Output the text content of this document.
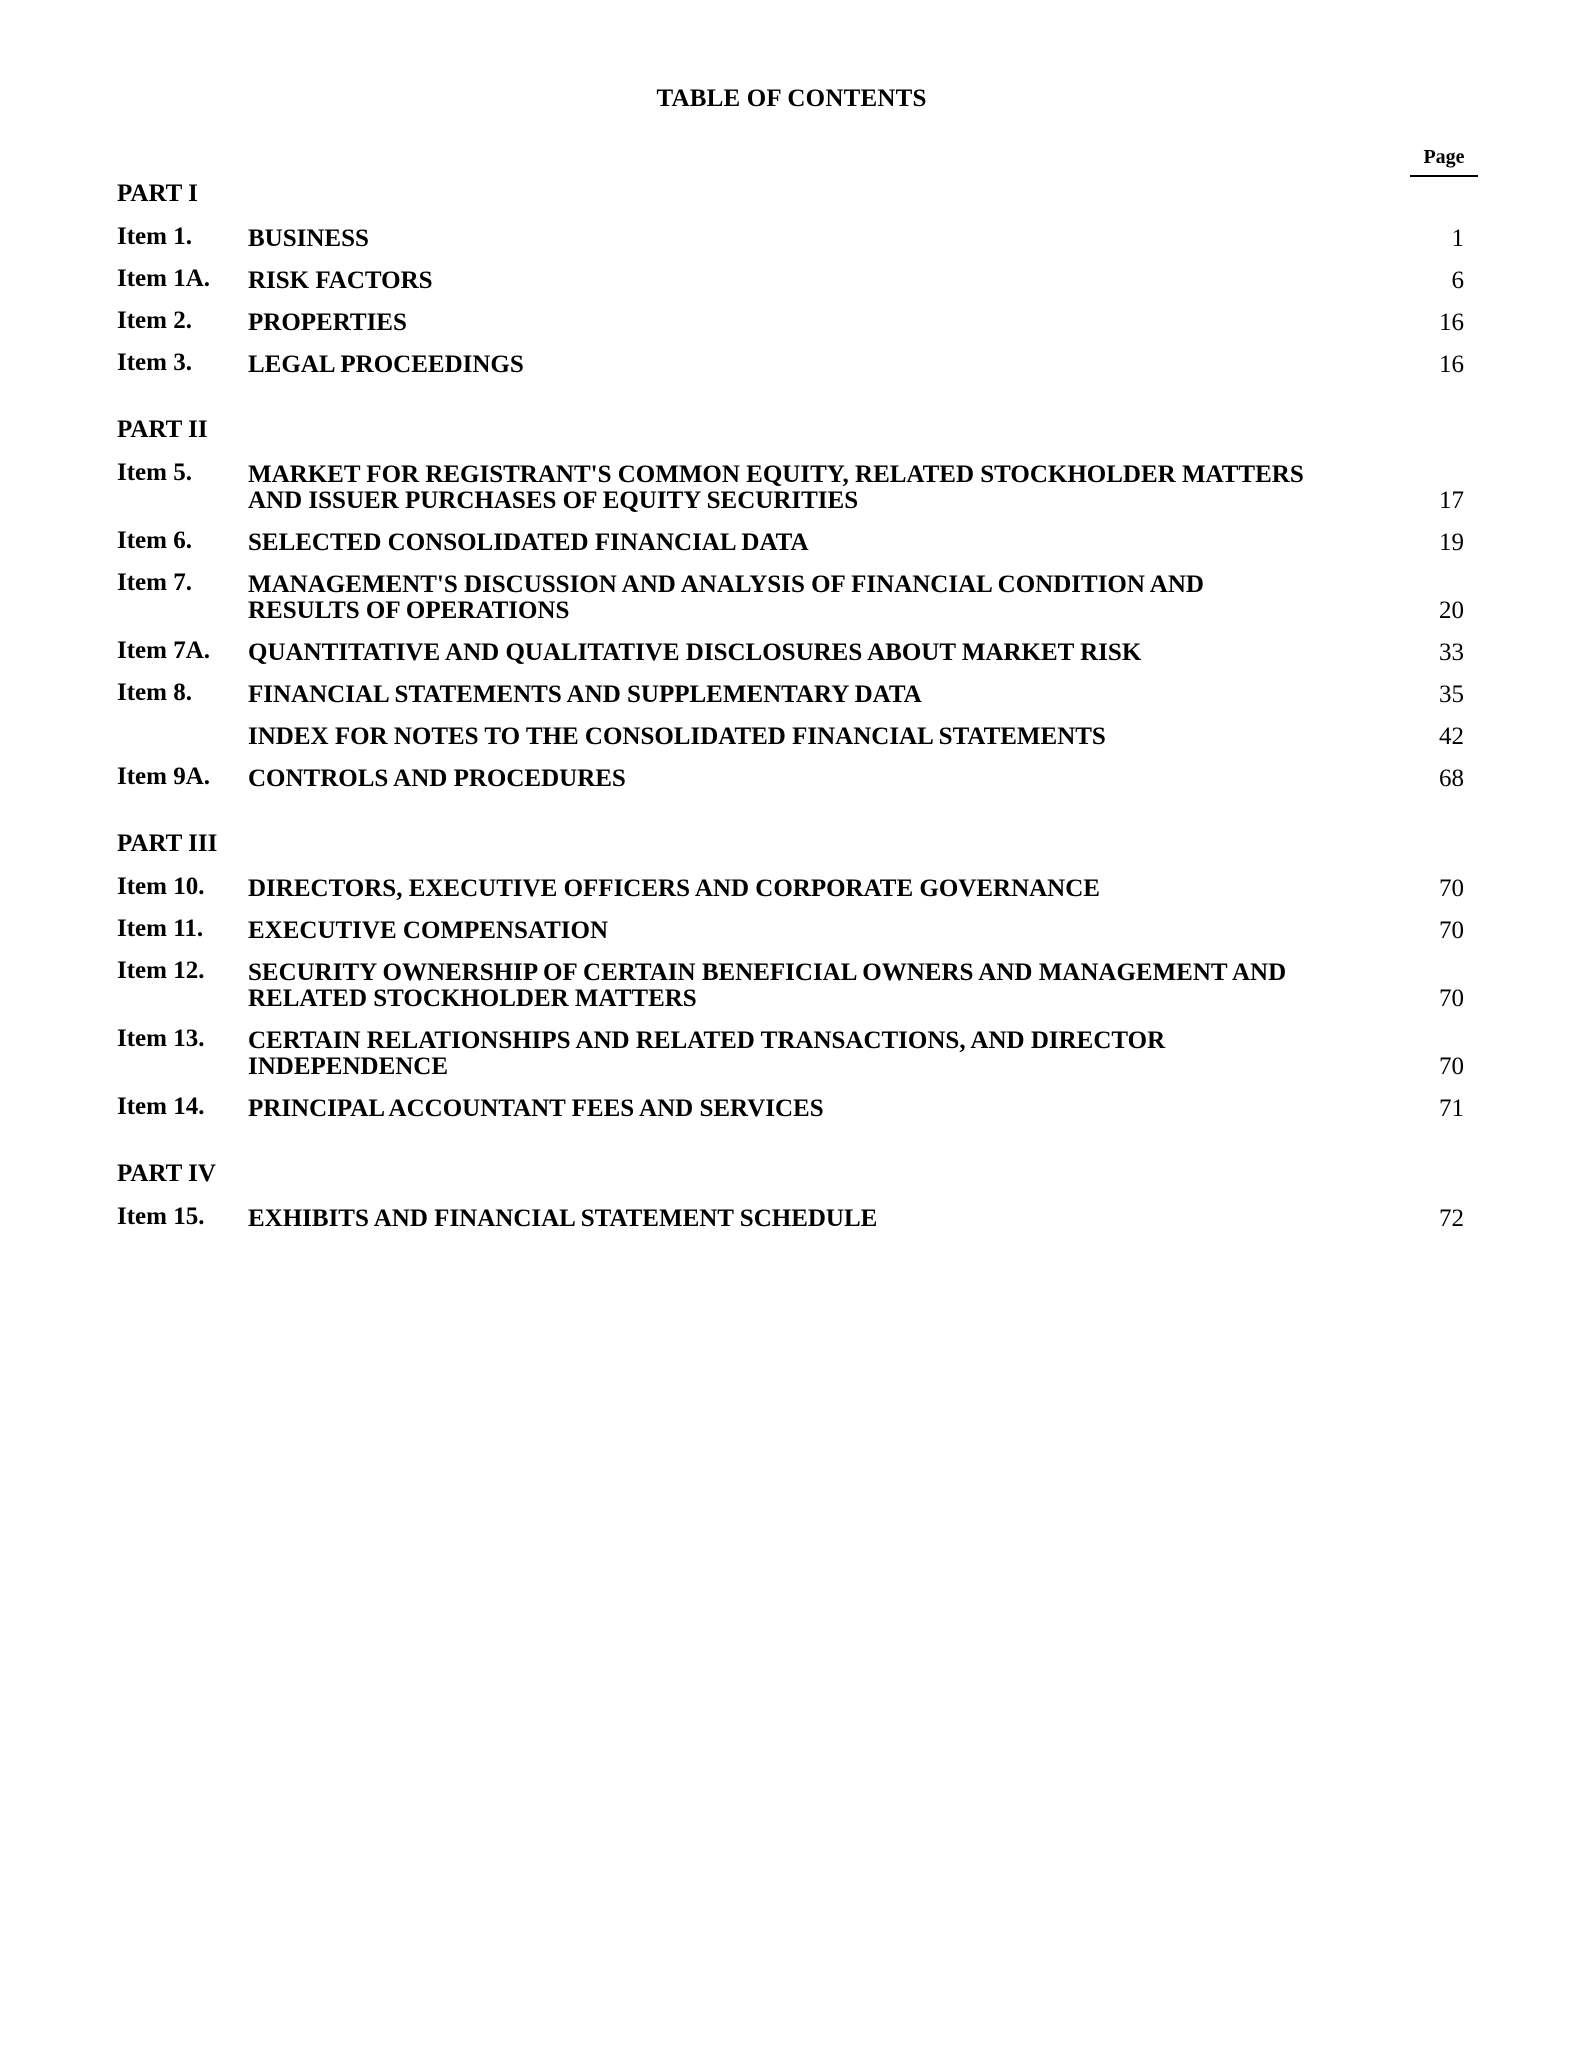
TABLE OF CONTENTS
Page
PART I
Item 1.	BUSINESS	1
Item 1A.	RISK FACTORS	6
Item 2.	PROPERTIES	16
Item 3.	LEGAL PROCEEDINGS	16
PART II
Item 5.	MARKET FOR REGISTRANT'S COMMON EQUITY, RELATED STOCKHOLDER MATTERS
AND ISSUER PURCHASES OF EQUITY SECURITIES	17
Item 6.	SELECTED CONSOLIDATED FINANCIAL DATA	19
Item 7.	MANAGEMENT'S DISCUSSION AND ANALYSIS OF FINANCIAL CONDITION AND
RESULTS OF OPERATIONS	20
Item 7A.	QUANTITATIVE AND QUALITATIVE DISCLOSURES ABOUT MARKET RISK	33
Item 8.	FINANCIAL STATEMENTS AND SUPPLEMENTARY DATA	35
INDEX FOR NOTES TO THE CONSOLIDATED FINANCIAL STATEMENTS	42
Item 9A.	CONTROLS AND PROCEDURES	68
PART III
Item 10.	DIRECTORS, EXECUTIVE OFFICERS AND CORPORATE GOVERNANCE	70
Item 11.	EXECUTIVE COMPENSATION	70
Item 12.	SECURITY OWNERSHIP OF CERTAIN BENEFICIAL OWNERS AND MANAGEMENT AND
RELATED STOCKHOLDER MATTERS	70
Item 13.	CERTAIN RELATIONSHIPS AND RELATED TRANSACTIONS, AND DIRECTOR
INDEPENDENCE	70
Item 14.	PRINCIPAL ACCOUNTANT FEES AND SERVICES	71
PART IV
Item 15.	EXHIBITS AND FINANCIAL STATEMENT SCHEDULE	72
